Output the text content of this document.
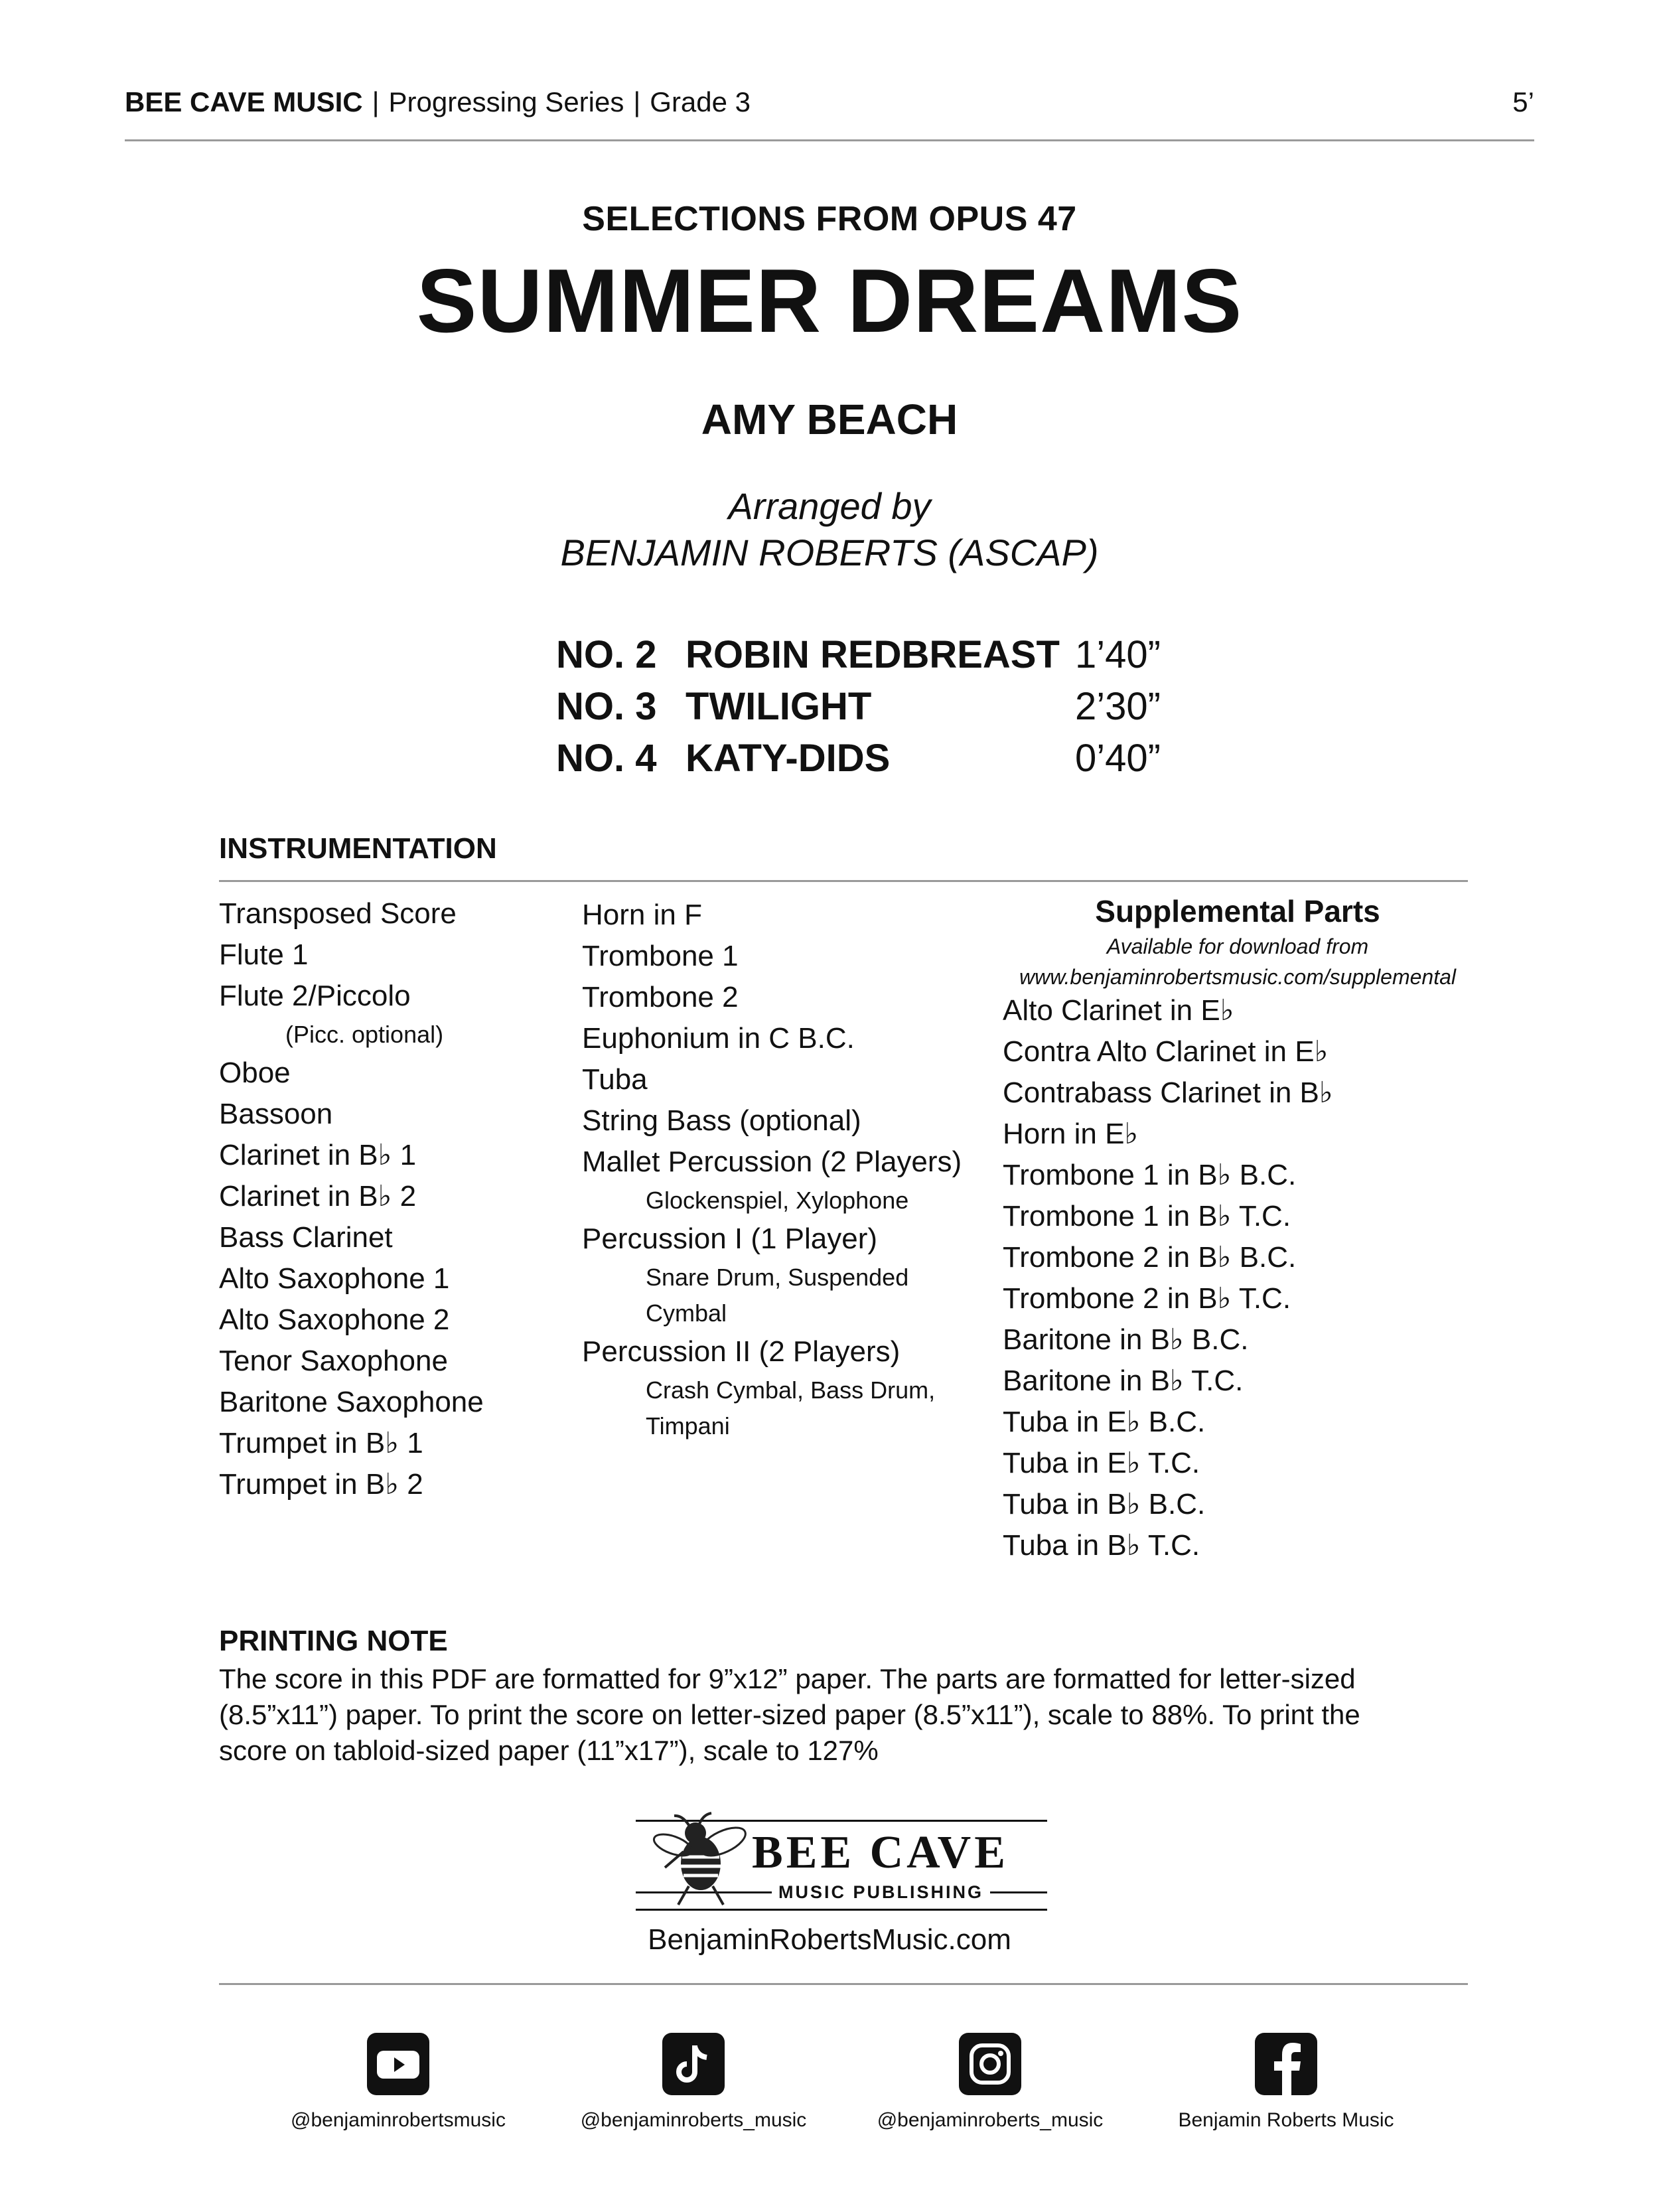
BEE CAVE MUSIC | Progressing Series | Grade 3	5’
SELECTIONS FROM OPUS 47
SUMMER DREAMS
AMY BEACH
Arranged by
BENJAMIN ROBERTS (ASCAP)
NO. 2 ROBIN REDBREAST 1’40”
NO. 3 TWILIGHT	2’30”
NO. 4 KATY-DIDS	0’40”
INSTRUMENTATION
Transposed Score
Flute 1
Flute 2/Piccolo
(Picc. optional)
Oboe
Bassoon
Clarinet in B♭ 1
Clarinet in B♭ 2
Bass Clarinet
Alto Saxophone 1
Alto Saxophone 2
Tenor Saxophone
Baritone Saxophone
Trumpet in B♭ 1
Trumpet in B♭ 2
Horn in F
Trombone 1
Trombone 2
Euphonium in C B.C.
Tuba
String Bass (optional)
Mallet Percussion (2 Players)
Glockenspiel, Xylophone
Percussion I (1 Player)
Snare Drum, Suspended
Cymbal
Percussion II (2 Players)
Crash Cymbal, Bass Drum,
Timpani
Supplemental Parts
Available for download from
www.benjaminrobertsmusic.com/supplemental
Alto Clarinet in E♭
Contra Alto Clarinet in E♭
Contrabass Clarinet in B♭
Horn in E♭
Trombone 1 in B♭ B.C.
Trombone 1 in B♭ T.C.
Trombone 2 in B♭ B.C.
Trombone 2 in B♭ T.C.
Baritone in B♭ B.C.
Baritone in B♭ T.C.
Tuba in E♭ B.C.
Tuba in E♭ T.C.
Tuba in B♭ B.C.
Tuba in B♭ T.C.
PRINTING NOTE
The score in this PDF are formatted for 9”x12” paper. The parts are formatted for letter-sized
(8.5”x11”) paper. To print the score on letter-sized paper (8.5”x11”), scale to 88%. To print the
score on tabloid-sized paper (11”x17”), scale to 127%
BEE CAVE
MUSIC PUBLISHING
BenjaminRobertsMusic.com
@benjaminrobertsmusic	@benjaminroberts_music	@benjaminroberts_music	Benjamin Roberts Music
